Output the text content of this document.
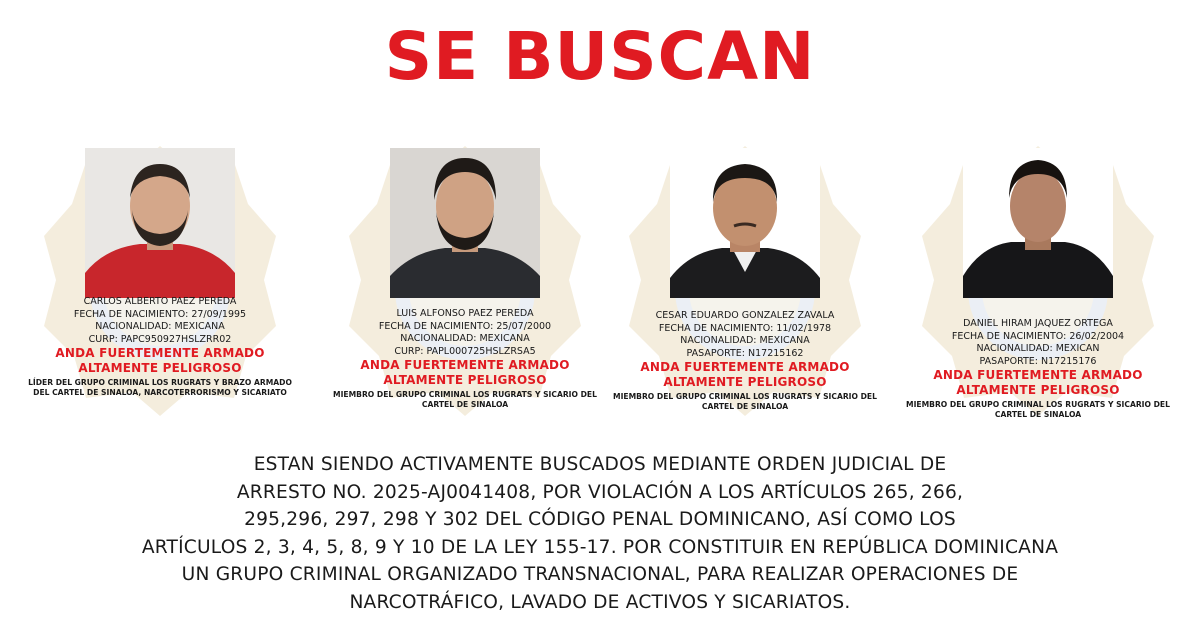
SE BUSCAN
CARLOS ALBERTO PAEZ PEREDA
FECHA DE NACIMIENTO: 27/09/1995
NACIONALIDAD: MEXICANA
CURP: PAPC950927HSLZRR02
ANDA FUERTEMENTE ARMADO
ALTAMENTE PELIGROSO
LÍDER DEL GRUPO CRIMINAL LOS RUGRATS Y BRAZO ARMADO
DEL CARTEL DE SINALOA, NARCOTERRORISMO Y SICARIATO
LUIS ALFONSO PAEZ PEREDA
FECHA DE NACIMIENTO: 25/07/2000
NACIONALIDAD: MEXICANA
CURP: PAPL000725HSLZRSA5
ANDA FUERTEMENTE ARMADO
ALTAMENTE PELIGROSO
MIEMBRO DEL GRUPO CRIMINAL LOS RUGRATS Y SICARIO DEL
CARTEL DE SINALOA
CESAR EDUARDO GONZALEZ ZAVALA
FECHA DE NACIMIENTO: 11/02/1978
NACIONALIDAD: MEXICANA
PASAPORTE: N17215162
ANDA FUERTEMENTE ARMADO
ALTAMENTE PELIGROSO
MIEMBRO DEL GRUPO CRIMINAL LOS RUGRATS Y SICARIO DEL
CARTEL DE SINALOA
DANIEL HIRAM JAQUEZ ORTEGA
FECHA DE NACIMIENTO: 26/02/2004
NACIONALIDAD: MEXICAN
PASAPORTE: N17215176
ANDA FUERTEMENTE ARMADO
ALTAMENTE PELIGROSO
MIEMBRO DEL GRUPO CRIMINAL LOS RUGRATS Y SICARIO DEL
CARTEL DE SINALOA
ESTAN SIENDO ACTIVAMENTE BUSCADOS MEDIANTE ORDEN JUDICIAL DE
ARRESTO NO. 2025-AJ0041408, POR VIOLACIÓN A LOS ARTÍCULOS 265, 266,
295,296, 297, 298 Y 302 DEL CÓDIGO PENAL DOMINICANO, ASÍ COMO LOS
ARTÍCULOS 2, 3, 4, 5, 8, 9 Y 10 DE LA LEY 155-17. POR CONSTITUIR EN REPÚBLICA DOMINICANA
UN GRUPO CRIMINAL ORGANIZADO TRANSNACIONAL, PARA REALIZAR OPERACIONES DE
NARCOTRÁFICO, LAVADO DE ACTIVOS Y SICARIATOS.
